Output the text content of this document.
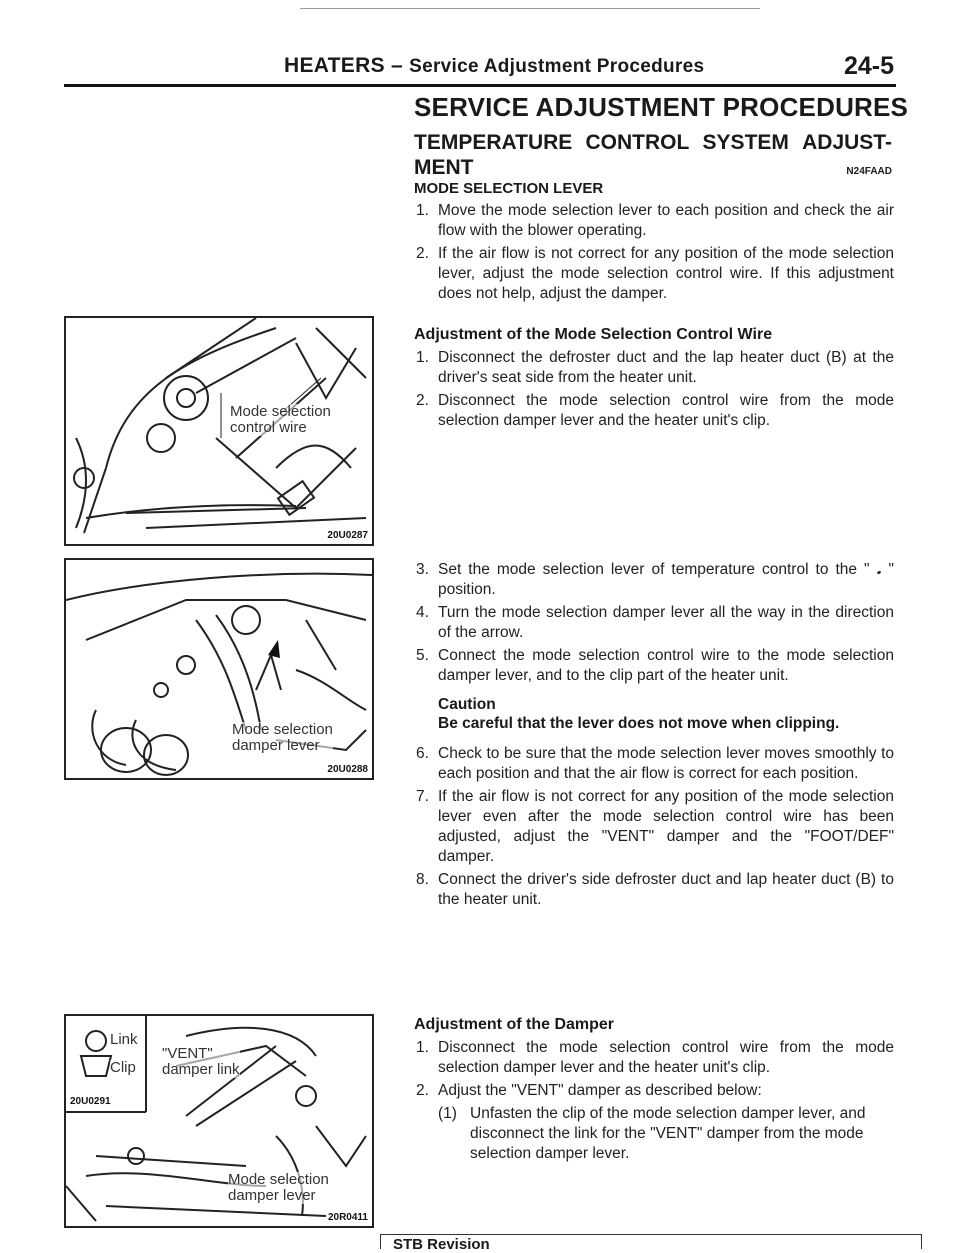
HEATERS – Service Adjustment Procedures	24-5
Mode selection
control wire
20U0287
Mode selection
damper lever
20U0288
Link
Clip
20U0291
"VENT"
damper link
Mode selection
damper lever
20R0411
SERVICE ADJUSTMENT PROCEDURES
TEMPERATURE CONTROL SYSTEM ADJUST-
MENT	N24FAAD
MODE SELECTION LEVER
1. Move the mode selection lever to each position and check the air flow with the blower operating.
2. If the air flow is not correct for any position of the mode selection lever, adjust the mode selection control wire. If this adjustment does not help, adjust the damper.
Adjustment of the Mode Selection Control Wire
1. Disconnect the defroster duct and the lap heater duct (B) at the driver's seat side from the heater unit.
2. Disconnect the mode selection control wire from the mode selection damper lever and the heater unit's clip.
3. Set the mode selection lever of temperature control to the " 𝅘 " position.
4. Turn the mode selection damper lever all the way in the direction of the arrow.
5. Connect the mode selection control wire to the mode selection damper lever, and to the clip part of the heater unit.
Caution
Be careful that the lever does not move when clipping.
6. Check to be sure that the mode selection lever moves smoothly to each position and that the air flow is correct for each position.
7. If the air flow is not correct for any position of the mode selection lever even after the mode selection control wire has been adjusted, adjust the "VENT" damper and the "FOOT/DEF" damper.
8. Connect the driver's side defroster duct and lap heater duct (B) to the heater unit.
Adjustment of the Damper
1. Disconnect the mode selection control wire from the mode selection damper lever and the heater unit's clip.
2. Adjust the "VENT" damper as described below:
(1) Unfasten the clip of the mode selection damper lever, and disconnect the link for the "VENT" damper from the mode selection damper lever.
STB Revision
